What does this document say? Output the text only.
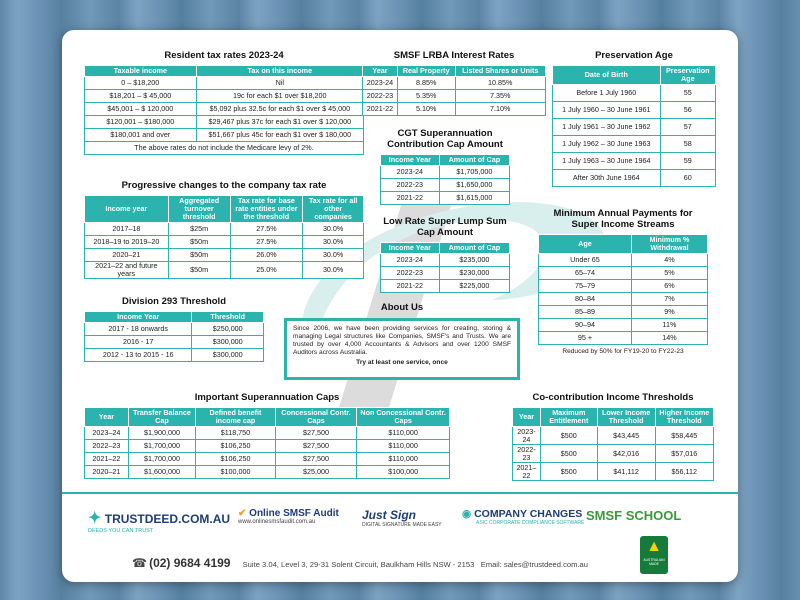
Resident tax rates 2023-24
Taxable income	Tax on this income
0 – $18,200	Nil
$18,201 – $ 45,000	19c for each $1 over $18,200
$45,001 – $ 120,000	$5,092 plus 32.5c for each $1 over $ 45,000
$120,001 – $180,000	$29,467 plus 37c for each $1 over $ 120,000
$180,001 and over	$51,667 plus 45c for each $1 over $ 180,000
The above rates do not include the Medicare levy of 2%.	
Progressive changes to the company tax rate
Income year	Aggregated turnover threshold	Tax rate for base rate entities under the threshold	Tax rate for all other companies
2017–18	$25m	27.5%	30.0%
2018–19 to 2019–20	$50m	27.5%	30.0%
2020–21	$50m	26.0%	30.0%
2021–22 and future years	$50m	25.0%	30.0%
Division 293 Threshold
Income Year	Threshold
2017 - 18 onwards	$250,000
2016 - 17	$300,000
2012 - 13 to 2015 - 16	$300,000
SMSF LRBA Interest Rates
Year	Real Property	Listed Shares or Units
2023-24	8.85%	10.85%
2022-23	5.35%	7.35%
2021-22	5.10%	7.10%
CGT Superannuation Contribution Cap Amount
Income Year	Amount of Cap
2023-24	$1,705,000
2022-23	$1,650,000
2021-22	$1,615,000
Low Rate Super Lump Sum Cap Amount
Income Year	Amount of Cap
2023-24	$235,000
2022-23	$230,000
2021-22	$225,000
About Us
Since 2006, we have been providing services for creating, storing & managing Legal structures like Companies, SMSF's and Trusts. We are trusted by over 4,000 Accountants & Advisors and over 1200 SMSF Auditors across Australia.
Try at least one service, once
Preservation Age
Date of Birth	Preservation Age
Before 1 July 1960	55
1 July 1960 – 30 June 1961	56
1 July 1961 – 30 June 1962	57
1 July 1962 – 30 June 1963	58
1 July 1963 – 30 June 1964	59
After 30th June 1964	60
Minimum Annual Payments for Super Income Streams
Age	Minimum % Withdrawal
Under 65	4%
65–74	5%
75–79	6%
80–84	7%
85–89	9%
90–94	11%
95 +	14%
Reduced by 50% for FY19-20 to FY22-23
Important Superannuation Caps
Year	Transfer Balance Cap	Defined benefit income cap	Concessional Contr. Caps	Non Concessional Contr. Caps
2023–24	$1,900,000	$118,750	$27,500	$110,000
2022–23	$1,700,000	$106,250	$27,500	$110,000
2021–22	$1,700,000	$106,250	$27,500	$110,000
2020–21	$1,600,000	$100,000	$25,000	$100,000
Co-contribution Income Thresholds
Year	Maximum Entitlement	Lower Income Threshold	Higher Income Threshold
2023-24	$500	$43,445	$58,445
2022-23	$500	$42,016	$57,016
2021–22	$500	$41,112	$56,112
✦ TRUSTDEED.COM.AU
DEEDS YOU CAN TRUST
✔ Online SMSF Audit
www.onlinesmsfaudit.com.au	Just Sign
DIGITAL SIGNATURE MADE EASY
◉ COMPANY CHANGES
ASIC CORPORATE COMPLIANCE SOFTWARE SMSF SCHOOL
▲
AUSTRALIAN MADE
☎ (02) 9684 4199 Suite 3.04, Level 3, 29-31 Solent Circuit, Baulkham Hills NSW - 2153 Email: sales@trustdeed.com.au
